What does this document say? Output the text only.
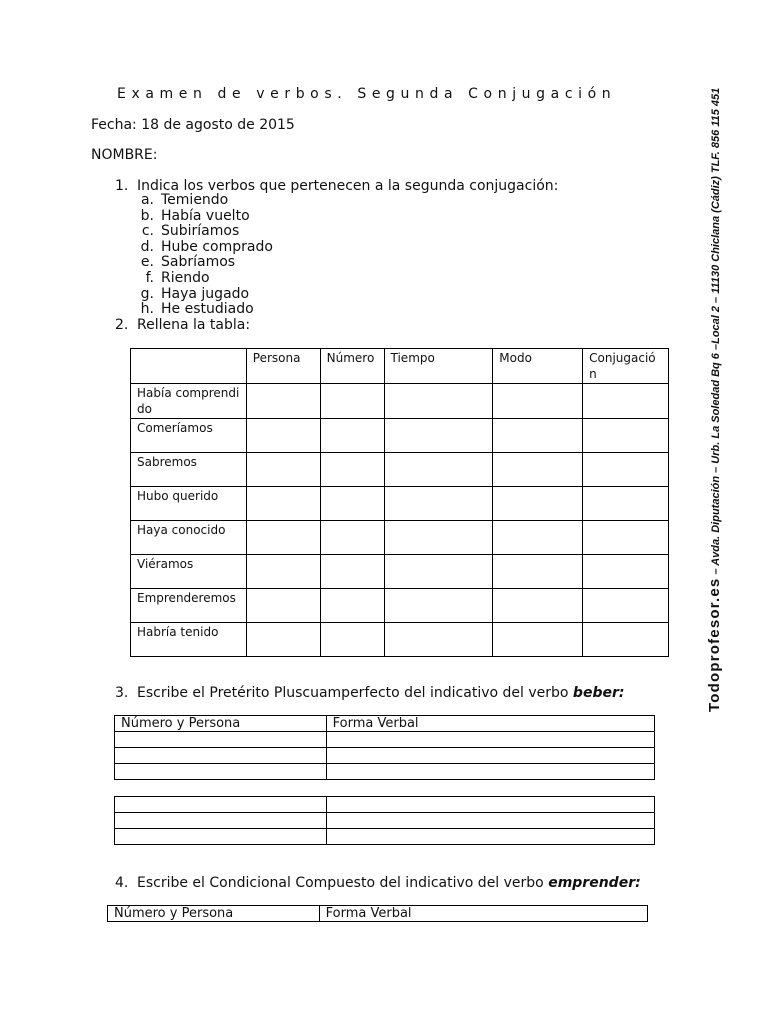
Examen de verbos. Segunda Conjugación
Fecha: 18 de agosto de 2015
NOMBRE:
1. Indica los verbos que pertenecen a la segunda conjugación:
a. Temiendo
b. Había vuelto
c. Subiríamos
d. Hube comprado
e. Sabríamos
f. Riendo
g. Haya jugado
h. He estudiado
2. Rellena la tabla:
	Persona	Número	Tiempo	Modo	Conjugación
Había comprendido					
Comeríamos					
Sabremos					
Hubo querido					
Haya conocido					
Viéramos					
Emprenderemos					
Habría tenido					
3. Escribe el Pretérito Pluscuamperfecto del indicativo del verbo beber:
Número y Persona	Forma Verbal

4. Escribe el Condicional Compuesto del indicativo del verbo emprender:
Número y Persona	Forma Verbal
Todoprofesor.es – Avda. Diputación – Urb. La Soledad Bq 6 –Local 2 – 11130 Chiclana (Cádiz) TLF. 856 115 451
